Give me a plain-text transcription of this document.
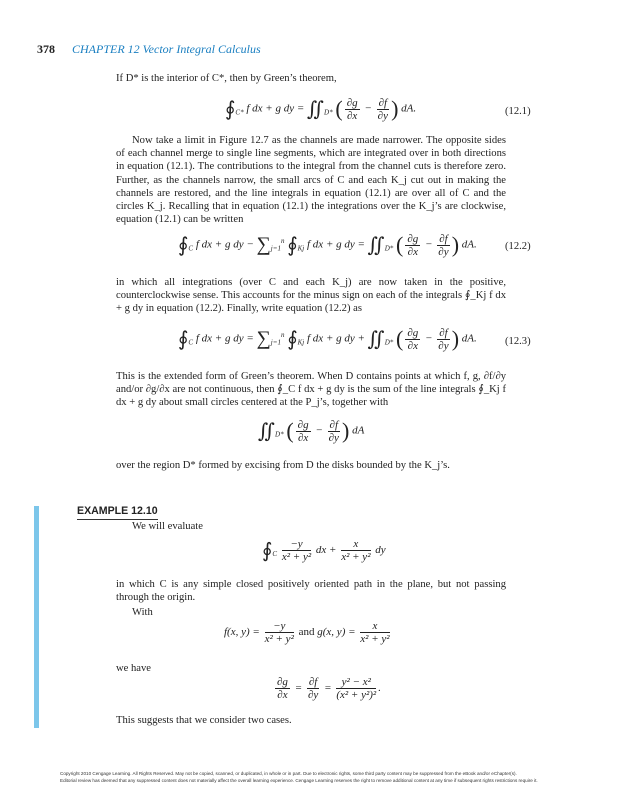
378 CHAPTER 12 Vector Integral Calculus
If D* is the interior of C*, then by Green’s theorem,
$∮_{C*}$ f dx + g dy = $∬_{D*}$ ( $\frac{\partial g}{\partial x} - \frac{\partial f}{\partial y}$ ) dA.	(12.1)
Now take a limit in Figure 12.7 as the channels are made narrower. The opposite sides of each channel merge to single line segments, which are integrated over in both directions in equation (12.1). The contributions to the integral from the channel cuts is therefore zero. Further, as the channels narrow, the small arcs of C and each K_j cut out in making the channels are restored, and the line integrals in equation (12.1) are over all of C and the circles K_j. Recalling that in equation (12.1) the integrations over the K_j’s are clockwise, equation (12.1) can be written
$∮_C$ f dx + g dy − $\sum_{j=1}^n$ $∮_{Kj}$ f dx + g dy = $∬_{D*}$ ( $\frac{\partial g}{\partial x} - \frac{\partial f}{\partial y}$ ) dA.	(12.2)
in which all integrations (over C and each K_j) are now taken in the positive, counterclockwise sense. This accounts for the minus sign on each of the integrals ∮_Kj f dx + g dy in equation (12.2). Finally, write equation (12.2) as
$∮_C$ f dx + g dy = $\sum_{j=1}^n$ $∮_{Kj}$ f dx + g dy + $∬_{D*}$ ( $\frac{\partial g}{\partial x} - \frac{\partial f}{\partial y}$ ) dA.	(12.3)
This is the extended form of Green’s theorem. When D contains points at which f, g, ∂f/∂y and/or ∂g/∂x are not continuous, then ∮_C f dx + g dy is the sum of the line integrals ∮_Kj f dx + g dy about small circles centered at the P_j’s, together with
$∬_{D*}$ ( $\frac{\partial g}{\partial x} - \frac{\partial f}{\partial y}$ ) dA
over the region D* formed by excising from D the disks bounded by the K_j’s.
EXAMPLE 12.10
We will evaluate
$∮_C \frac{-y}{\text{x² + y²}}$ dx + $\frac{x}{\text{x² + y²}}$ dy
in which C is any simple closed positively oriented path in the plane, but not passing through the origin.
With
f(x, $y) = \frac{-y}{\text{x² + y²}}$ and g(x, $y) = \frac{x}{\text{x² + y²}}$
we have
$\frac{\partial g}{\partial x} = \frac{\partial f}{\partial y} = \frac{\text{y² − x²}}{\text{(x² + y²)²}}$ .
This suggests that we consider two cases.
Copyright 2010 Cengage Learning. All Rights Reserved. May not be copied, scanned, or duplicated, in whole or in part. Due to electronic rights, some third party content may be suppressed from the eBook and/or eChapter(s).
Editorial review has deemed that any suppressed content does not materially affect the overall learning experience. Cengage Learning reserves the right to remove additional content at any time if subsequent rights restrictions require it.
